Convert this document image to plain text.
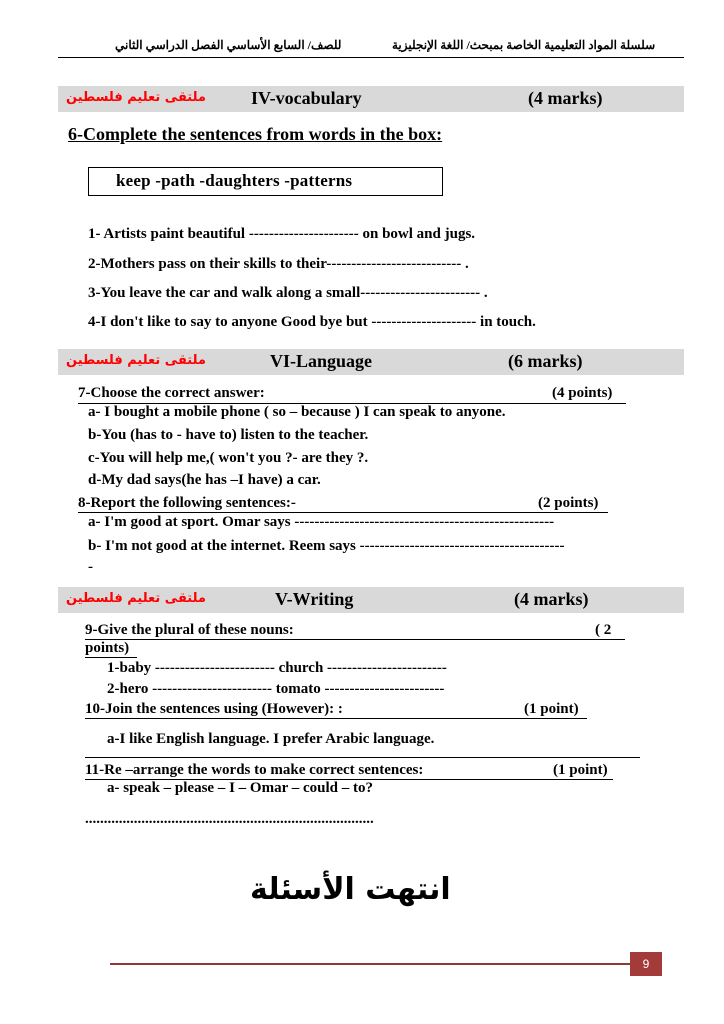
سلسلة المواد التعليمية الخاصة بمبحث/ اللغة الإنجليزية
للصف/ السابع الأساسي الفصل الدراسي الثاني
ملتقى تعليم فلسطين	IV-vocabulary	(4 marks)
6-Complete the sentences from words in the box:
keep -path -daughters -patterns
1- Artists paint beautiful ---------------------- on bowl and jugs.
2-Mothers pass on their skills to their--------------------------- .
3-You leave the car and walk along a small------------------------ .
4-I don't like to say to anyone Good bye but --------------------- in touch.
ملتقى تعليم فلسطين	VI-Language	(6 marks)
7-Choose the correct answer:	(4 points)
a- I bought a mobile phone ( so – because ) I can speak to anyone.
b-You (has to - have to) listen to the teacher.
c-You will help me,( won't you ?- are they ?.
d-My dad says(he has –I have) a car.
8-Report the following sentences:-	(2 points)
a- I'm good at sport. Omar says ----------------------------------------------------
b- I'm not good at the internet. Reem says -----------------------------------------
-
ملتقى تعليم فلسطين	V-Writing	(4 marks)
9-Give the plural of these nouns:	( 2
points)
1-baby ------------------------ church ------------------------
2-hero ------------------------ tomato ------------------------
10-Join the sentences using (However): :	(1 point)
a-I like English language. I prefer Arabic language.
11-Re –arrange the words to make correct sentences:	(1 point)
a- speak – please – I – Omar – could – to?
.............................................................................
انتهت الأسئلة
9
